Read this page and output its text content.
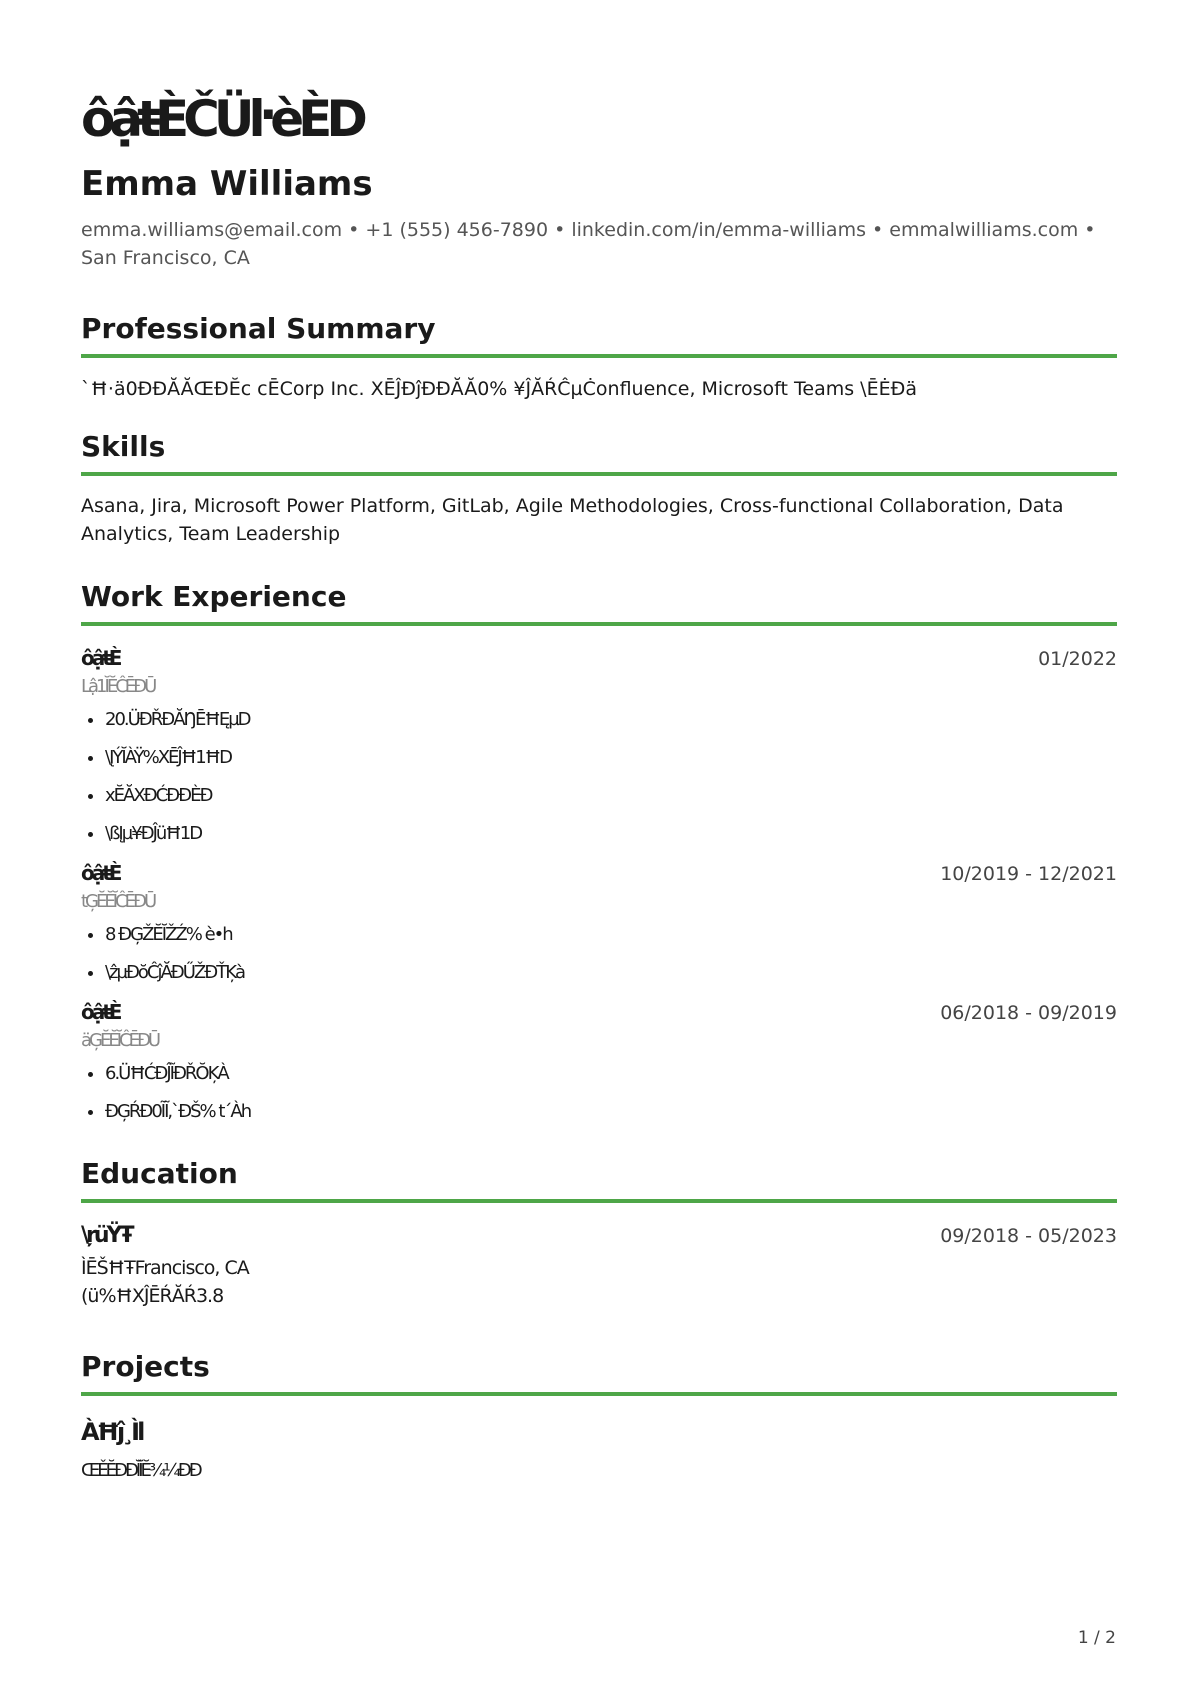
ôậŧÈČÜŀèÈD
Emma Williams
emma.williams@email.com • +1 (555) 456-7890 • linkedin.com/in/emma-williams • emmalwilliams.com • San Francisco, CA
Professional Summary
`Ħ·ä0ĐĐĂĂŒĐĔc cĒCorp Inc. XĒĴĐĵĐĐĂĂ0% ¥ĴĂŔĈµĊonfluence, Microsoft Teams \ĒĖĐä
Skills
Asana, Jira, Microsoft Power Platform, GitLab, Agile Methodologies, Cross-functional Collaboration, Data Analytics, Team Leadership
Work Experience
ôậŧÈ	01/2022
Lậ1ĬĔĈĒĐŪ
• 20.ÜĐŘĐĂŊĒĦĘµD
• \ĮÝĬÀŸ%ΧĒĴĦ1ĦD
• xĔĂΧĐĆĐĐÈĐ
• \ßĮµ¥ĐĴüĦ1D
ôậŧÈ	10/2019 - 12/2021
tĢĔĔĬĈĒĐŪ
• 8 ĐĢŽĔĬŽŹ% è•h
• \ẑµĐŏĈĵĂĐŰŽĐŤĶà
ôậŧÈ	06/2018 - 09/2019
äĢĔĔĬĈĒĐŪ
• 6.ÜĦĆĐĴĨĐŘŎĶÀ
• ĐĢŔĐ0ĨĨ,`ĐŠ% t´Àh
Education
\ŗüŸŦ	09/2018 - 05/2023
ÌĒŠĦŦFrancisco, CA
(ü%ĦXĴĒŔĂŔ3.8
Projects
ÀĦĵ¸Ìl
ŒĚĔĐĐĬĬĔ¾¼ĐĐ
1 / 2
